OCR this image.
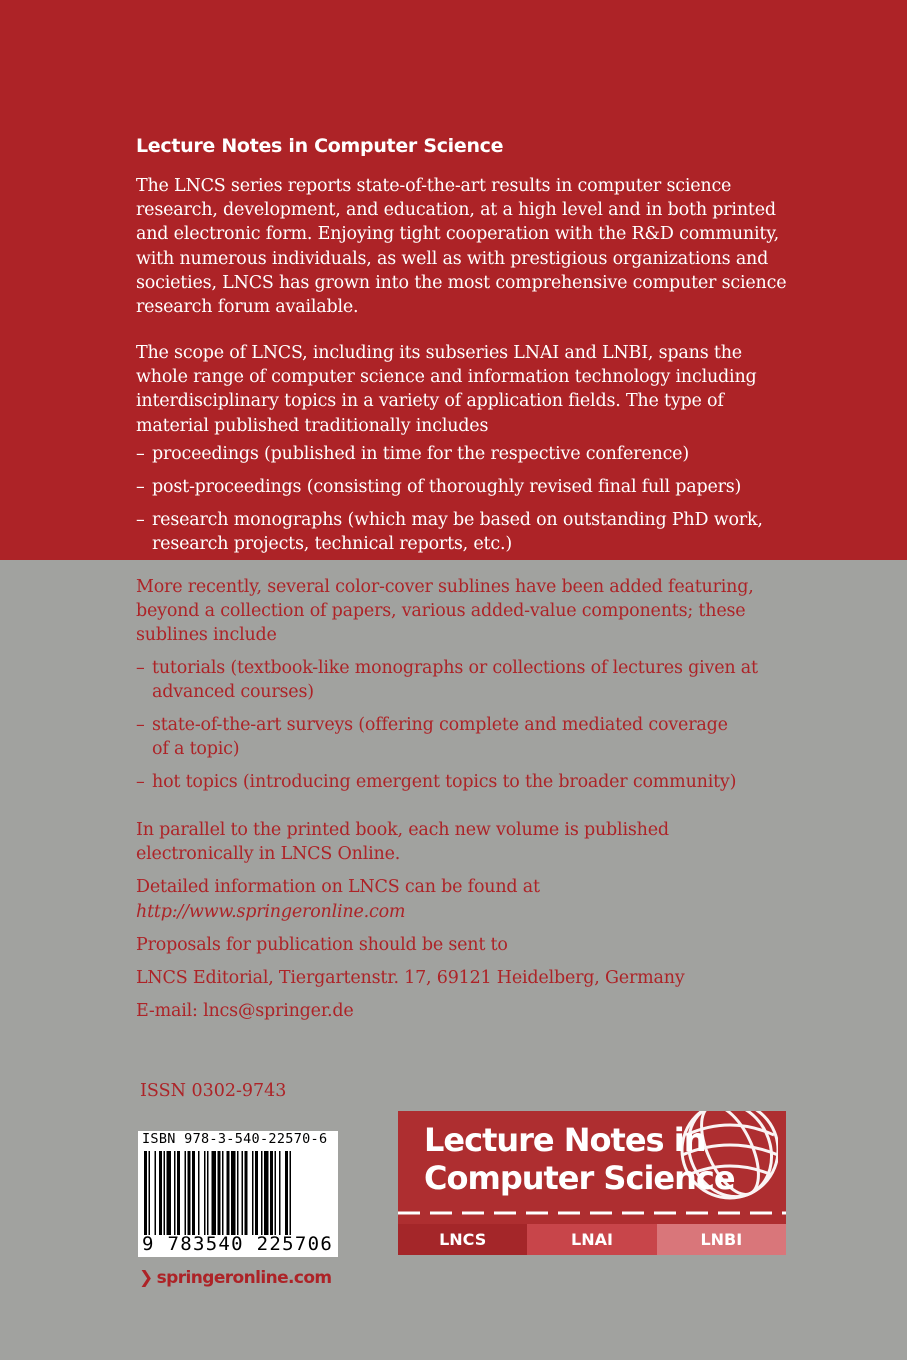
Lecture Notes in Computer Science
The LNCS series reports state-of-the-art results in computer science
research, development, and education, at a high level and in both printed
and electronic form. Enjoying tight cooperation with the R&D community,
with numerous individuals, as well as with prestigious organizations and
societies, LNCS has grown into the most comprehensive computer science
research forum available.
The scope of LNCS, including its subseries LNAI and LNBI, spans the
whole range of computer science and information technology including
interdisciplinary topics in a variety of application fields. The type of
material published traditionally includes
– proceedings (published in time for the respective conference)
– post-proceedings (consisting of thoroughly revised final full papers)
– research monographs (which may be based on outstanding PhD work,
research projects, technical reports, etc.)
More recently, several color-cover sublines have been added featuring,
beyond a collection of papers, various added-value components; these
sublines include
– tutorials (textbook-like monographs or collections of lectures given at
advanced courses)
– state-of-the-art surveys (offering complete and mediated coverage
of a topic)
– hot topics (introducing emergent topics to the broader community)
In parallel to the printed book, each new volume is published
electronically in LNCS Online.
Detailed information on LNCS can be found at
http://www.springeronline.com
Proposals for publication should be sent to
LNCS Editorial, Tiergartenstr. 17, 69121 Heidelberg, Germany
E-mail: lncs@springer.de
ISSN 0302-9743
ISBN 978-3-540-22570-6
9 783540 225706
❯ springeronline.com
Lecture Notes in
Computer Science
LNCS	LNAI	LNBI
